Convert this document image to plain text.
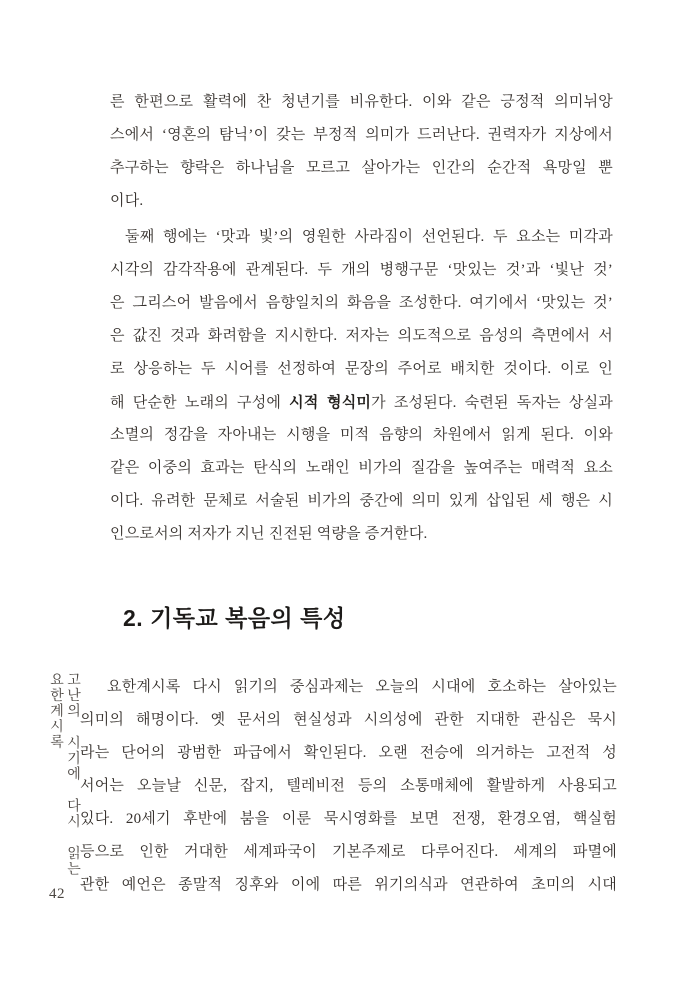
고난의 시기에 다시 읽는 요한계시록
42
른 한편으로 활력에 찬 청년기를 비유한다. 이와 같은 긍정적 의미뉘앙
스에서 ‘영혼의 탐닉’이 갖는 부정적 의미가 드러난다. 권력자가 지상에서
추구하는 향락은 하나님을 모르고 살아가는 인간의 순간적 욕망일 뿐
이다.
둘째 행에는 ‘맛과 빛’의 영원한 사라짐이 선언된다. 두 요소는 미각과
시각의 감각작용에 관계된다. 두 개의 병행구문 ‘맛있는 것’과 ‘빛난 것’
은 그리스어 발음에서 음향일치의 화음을 조성한다. 여기에서 ‘맛있는 것’
은 값진 것과 화려함을 지시한다. 저자는 의도적으로 음성의 측면에서 서
로 상응하는 두 시어를 선정하여 문장의 주어로 배치한 것이다. 이로 인
해 단순한 노래의 구성에 시적 형식미가 조성된다. 숙련된 독자는 상실과
소멸의 정감을 자아내는 시행을 미적 음향의 차원에서 읽게 된다. 이와
같은 이중의 효과는 탄식의 노래인 비가의 질감을 높여주는 매력적 요소
이다. 유려한 문체로 서술된 비가의 중간에 의미 있게 삽입된 세 행은 시
인으로서의 저자가 지닌 진전된 역량을 증거한다.
2. 기독교 복음의 특성
요한계시록 다시 읽기의 중심과제는 오늘의 시대에 호소하는 살아있는
의미의 해명이다. 옛 문서의 현실성과 시의성에 관한 지대한 관심은 묵시
라는 단어의 광범한 파급에서 확인된다. 오랜 전승에 의거하는 고전적 성
서어는 오늘날 신문, 잡지, 텔레비전 등의 소통매체에 활발하게 사용되고
있다. 20세기 후반에 붐을 이룬 묵시영화를 보면 전쟁, 환경오염, 핵실험
등으로 인한 거대한 세계파국이 기본주제로 다루어진다. 세계의 파멸에
관한 예언은 종말적 징후와 이에 따른 위기의식과 연관하여 초미의 시대
